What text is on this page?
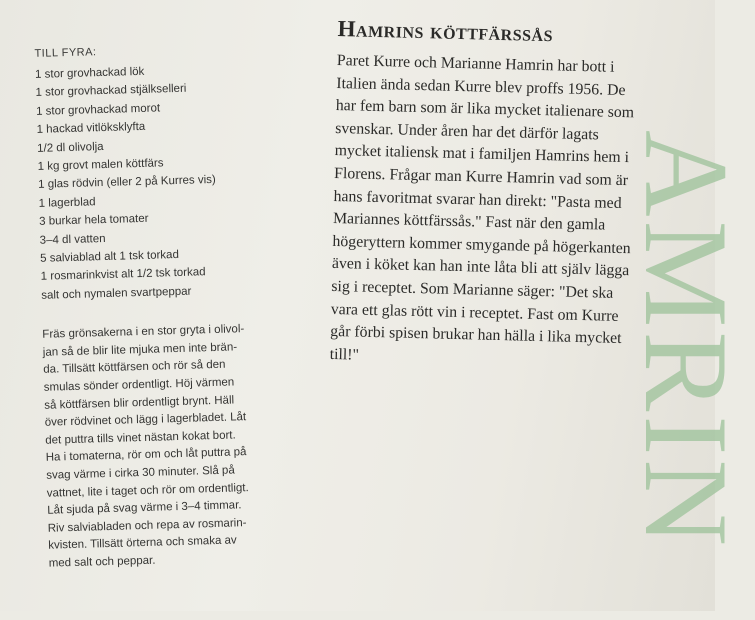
TILL FYRA:
1 stor grovhackad lök
1 stor grovhackad stjälkselleri
1 stor grovhackad morot
1 hackad vitlöksklyfta
1/2 dl olivolja
1 kg grovt malen köttfärs
1 glas rödvin (eller 2 på Kurres vis)
1 lagerblad
3 burkar hela tomater
3–4 dl vatten
5 salviablad alt 1 tsk torkad
1 rosmarinkvist alt 1/2 tsk torkad
salt och nymalen svartpeppar
Fräs grönsakerna i en stor gryta i olivol-
jan så de blir lite mjuka men inte brän-
da. Tillsätt köttfärsen och rör så den
smulas sönder ordentligt. Höj värmen
så köttfärsen blir ordentligt brynt. Häll
över rödvinet och lägg i lagerbladet. Låt
det puttra tills vinet nästan kokat bort.
Ha i tomaterna, rör om och låt puttra på
svag värme i cirka 30 minuter. Slå på
vattnet, lite i taget och rör om ordentligt.
Låt sjuda på svag värme i 3–4 timmar.
Riv salviabladen och repa av rosmarin-
kvisten. Tillsätt örterna och smaka av
med salt och peppar.
Hamrins köttfärssås
Paret Kurre och Marianne Hamrin har bott i
Italien ända sedan Kurre blev proffs 1956. De
har fem barn som är lika mycket italienare som
svenskar. Under åren har det därför lagats
mycket italiensk mat i familjen Hamrins hem i
Florens. Frågar man Kurre Hamrin vad som är
hans favoritmat svarar han direkt: "Pasta med
Mariannes köttfärssås." Fast när den gamla
högeryttern kommer smygande på högerkanten
även i köket kan han inte låta bli att själv lägga
sig i receptet. Som Marianne säger: "Det ska
vara ett glas rött vin i receptet. Fast om Kurre
går förbi spisen brukar han hälla i lika mycket
till!"	AMRIN
